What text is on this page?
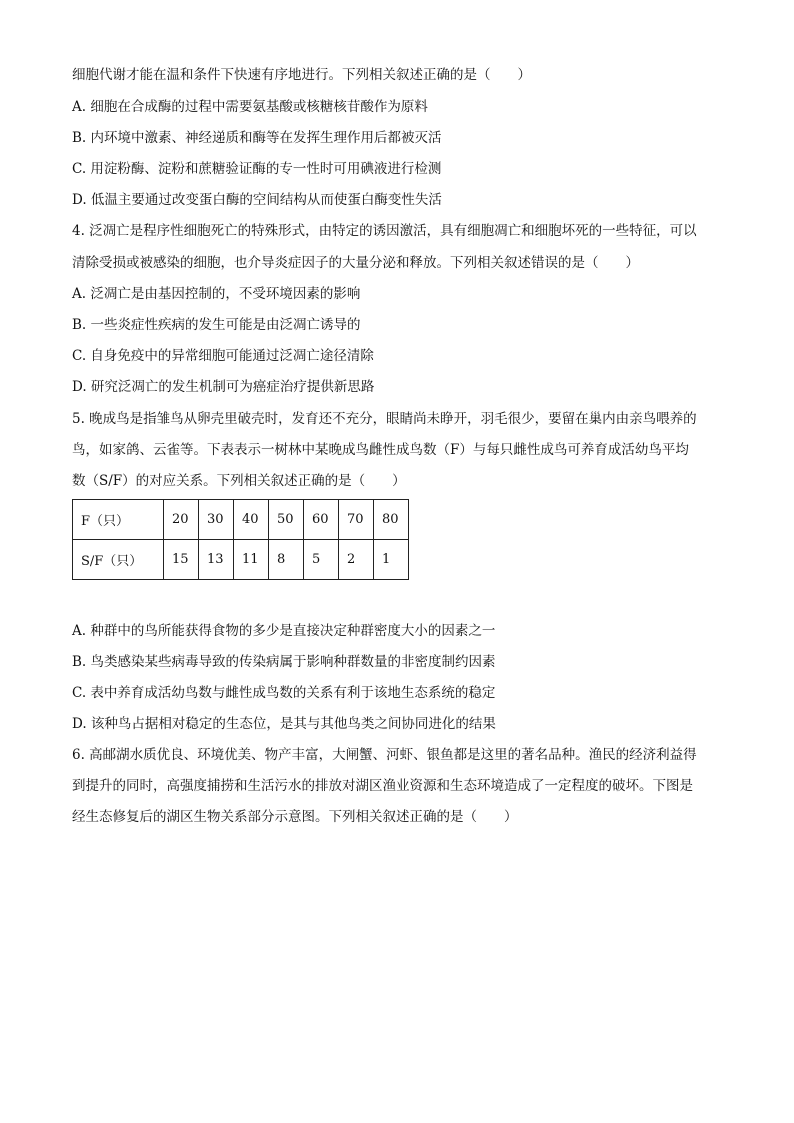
细胞代谢才能在温和条件下快速有序地进行。下列相关叙述正确的是（　　）
A. 细胞在合成酶的过程中需要氨基酸或核糖核苷酸作为原料
B. 内环境中激素、神经递质和酶等在发挥生理作用后都被灭活
C. 用淀粉酶、淀粉和蔗糖验证酶的专一性时可用碘液进行检测
D. 低温主要通过改变蛋白酶的空间结构从而使蛋白酶变性失活
4. 泛凋亡是程序性细胞死亡的特殊形式，由特定的诱因激活，具有细胞凋亡和细胞坏死的一些特征，可以
清除受损或被感染的细胞，也介导炎症因子的大量分泌和释放。下列相关叙述错误的是（　　）
A. 泛凋亡是由基因控制的，不受环境因素的影响
B. 一些炎症性疾病的发生可能是由泛凋亡诱导的
C. 自身免疫中的异常细胞可能通过泛凋亡途径清除
D. 研究泛凋亡的发生机制可为癌症治疗提供新思路
5. 晚成鸟是指雏鸟从卵壳里破壳时，发育还不充分，眼睛尚未睁开，羽毛很少，要留在巢内由亲鸟喂养的
鸟，如家鸽、云雀等。下表表示一树林中某晚成鸟雌性成鸟数（F）与每只雌性成鸟可养育成活幼鸟平均
数（S/F）的对应关系。下列相关叙述正确的是（　　）
F（只）	20	30	40	50	60	70	80
S/F（只）	15	13	11	8	5	2	1
A. 种群中的鸟所能获得食物的多少是直接决定种群密度大小的因素之一
B. 鸟类感染某些病毒导致的传染病属于影响种群数量的非密度制约因素
C. 表中养育成活幼鸟数与雌性成鸟数的关系有利于该地生态系统的稳定
D. 该种鸟占据相对稳定的生态位，是其与其他鸟类之间协同进化的结果
6. 高邮湖水质优良、环境优美、物产丰富，大闸蟹、河虾、银鱼都是这里的著名品种。渔民的经济利益得
到提升的同时，高强度捕捞和生活污水的排放对湖区渔业资源和生态环境造成了一定程度的破坏。下图是
经生态修复后的湖区生物关系部分示意图。下列相关叙述正确的是（　　）
